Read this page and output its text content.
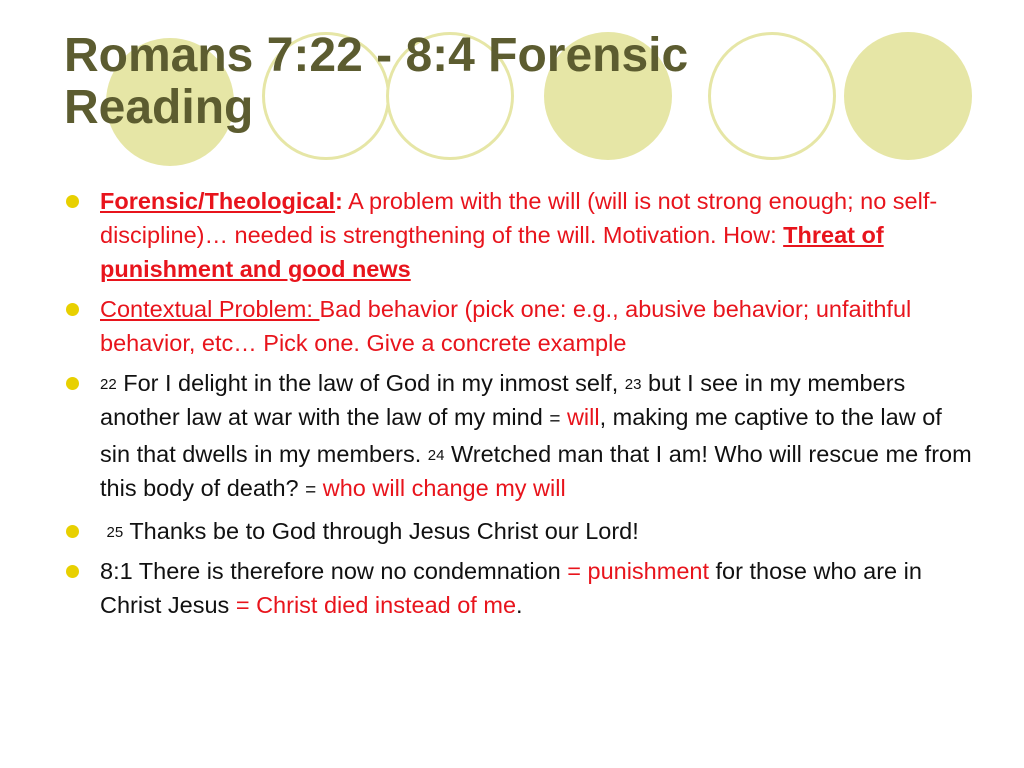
Romans 7:22 - 8:4 Forensic
Reading
Forensic/Theological: A problem with the will (will is not strong enough; no self-discipline)… needed is strengthening of the will. Motivation. How: Threat of punishment and good news
Contextual Problem: Bad behavior (pick one: e.g., abusive behavior; unfaithful behavior, etc… Pick one. Give a concrete example
$^{22}$ For I delight in the law of God in my inmost self, $^{23}$ but I see in my members another law at war with the law of my mind = will, making me captive to the law of sin that dwells in my members. $^{24}$ Wretched man that I am! Who will rescue me from this body of death? = who will change my will
$^{25}$ Thanks be to God through Jesus Christ our Lord!
8:1 There is therefore now no condemnation = punishment for those who are in Christ Jesus = Christ died instead of me.
